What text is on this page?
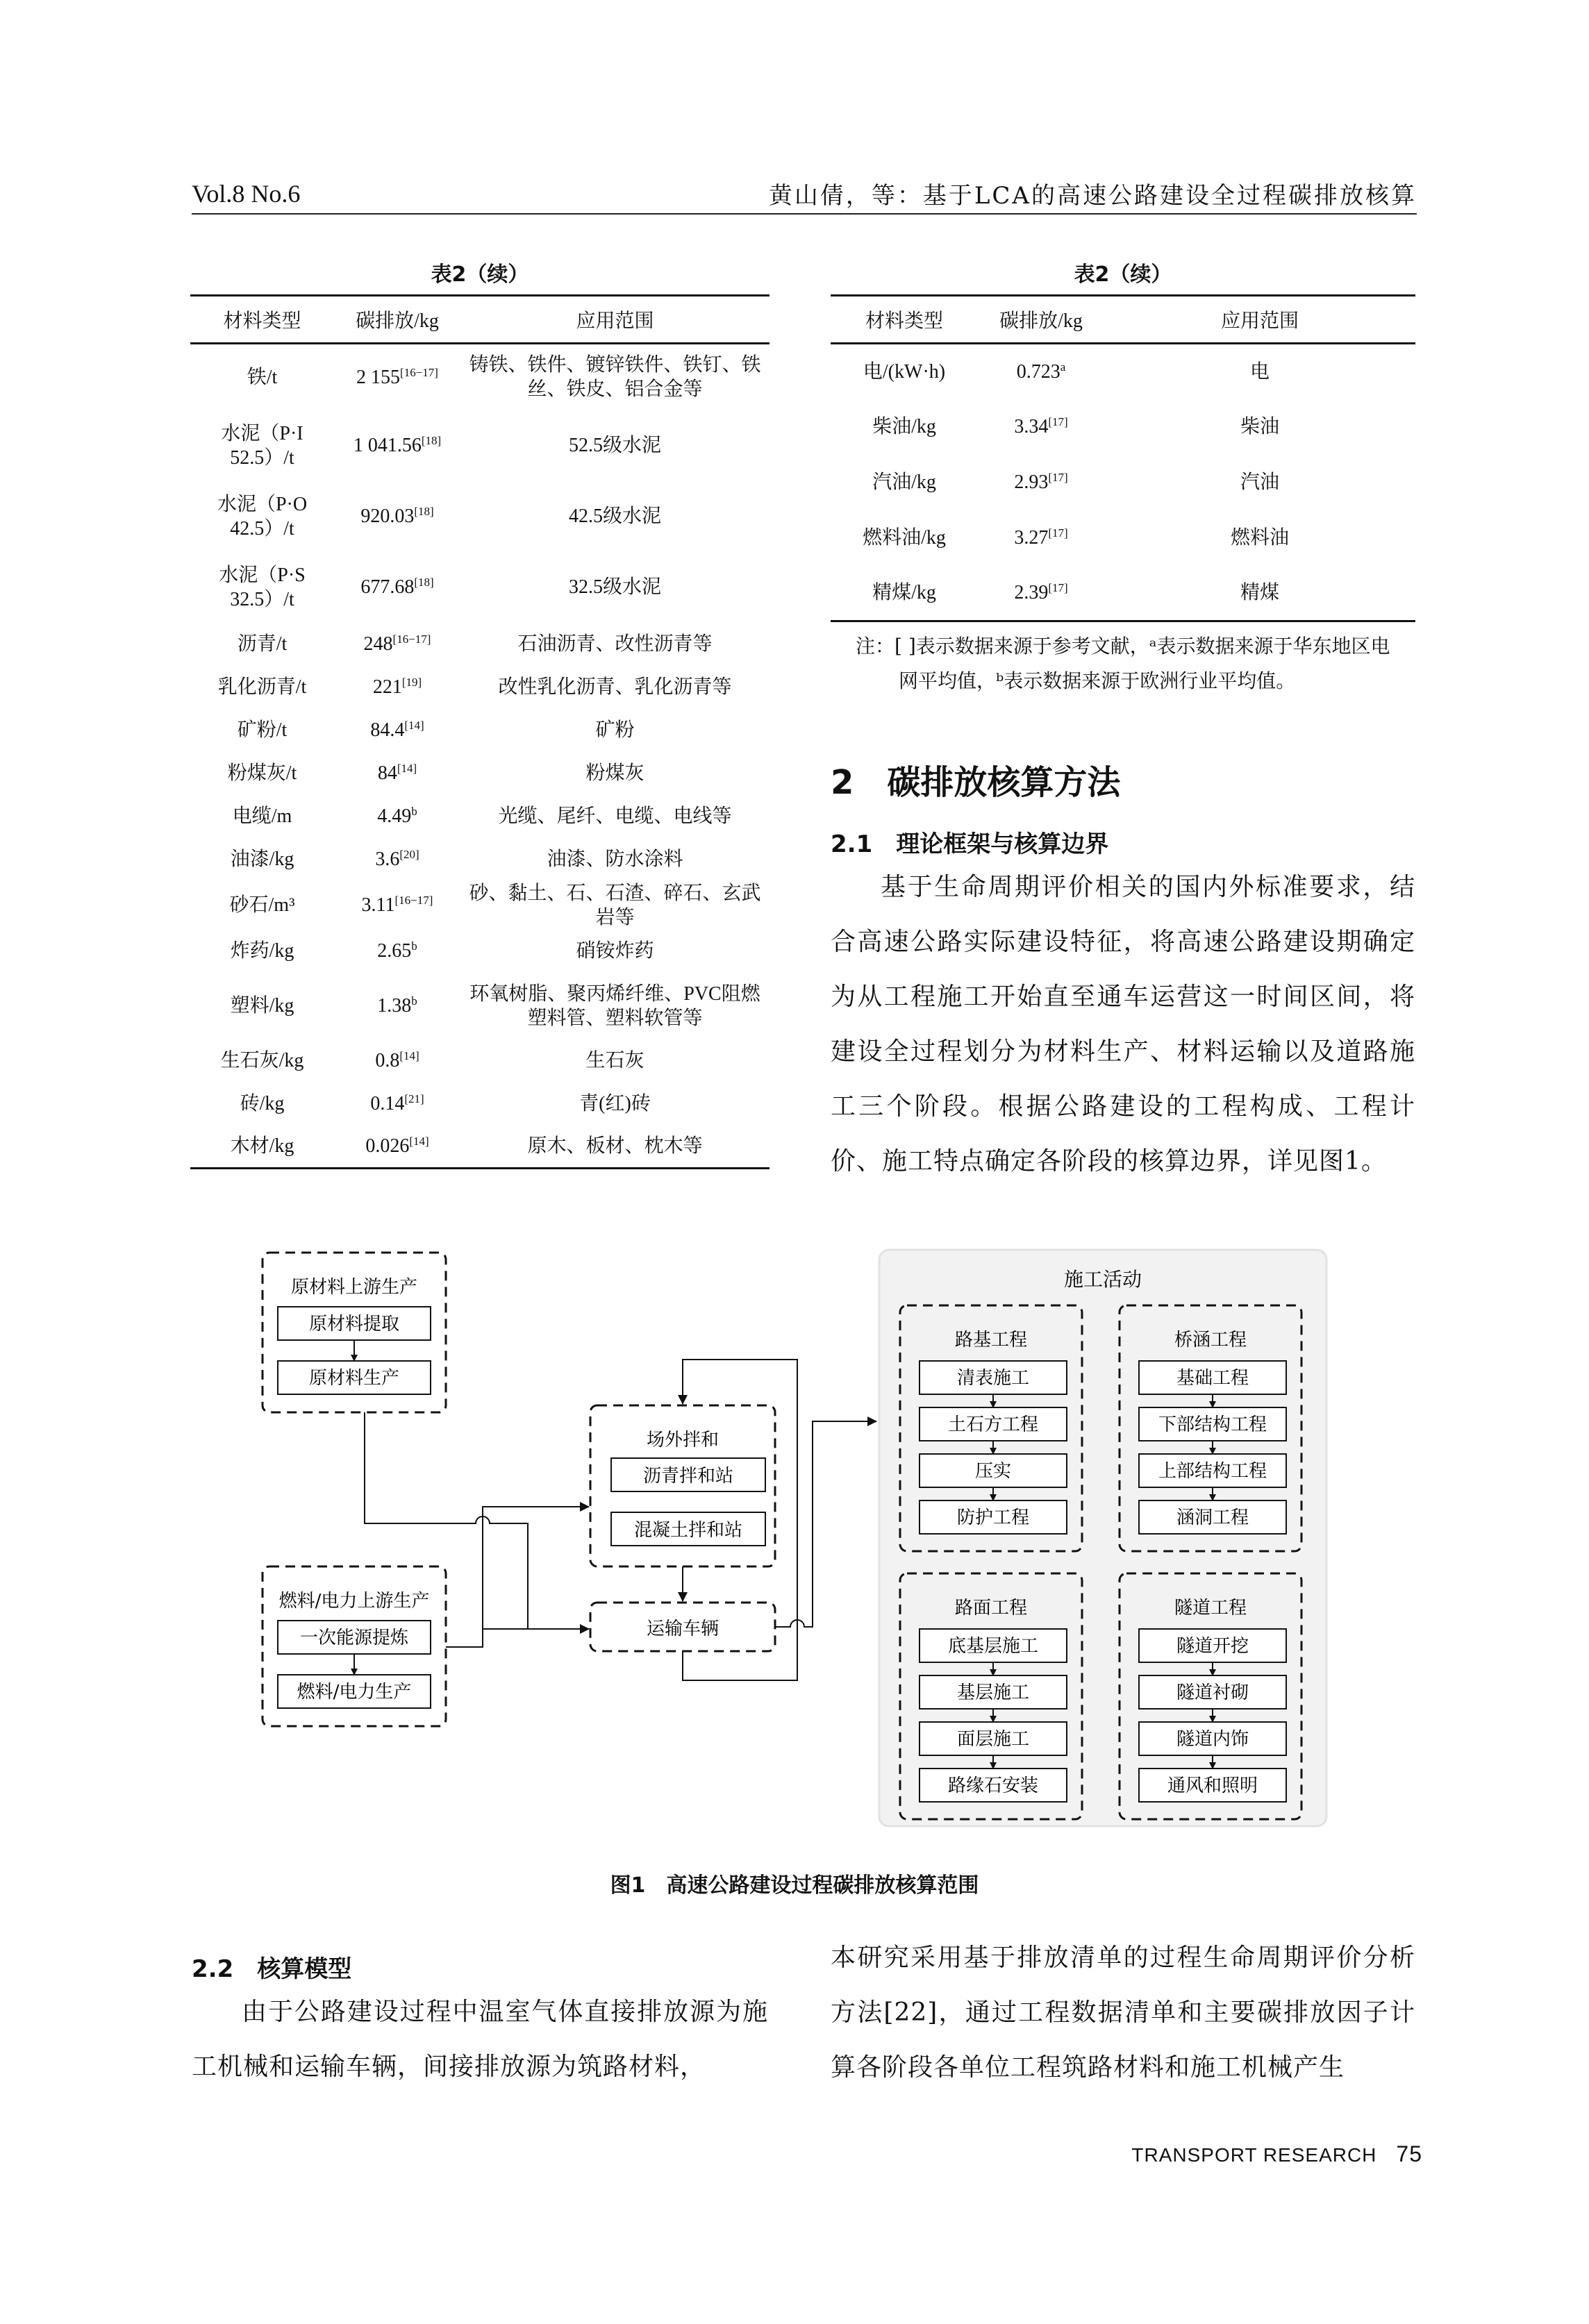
Vol.8 No.6	黄山倩，等：基于LCA的高速公路建设全过程碳排放核算
表2（续）
材料类型	碳排放/kg	应用范围
铁/t	2 155[16−17]	铸铁、铁件、镀锌铁件、铁钉、铁丝、铁皮、铝合金等
水泥（P·I 52.5）/t	1 041.56[18]	52.5级水泥
水泥（P·O 42.5）/t	920.03[18]	42.5级水泥
水泥（P·S 32.5）/t	677.68[18]	32.5级水泥
沥青/t	248[16−17]	石油沥青、改性沥青等
乳化沥青/t	221[19]	改性乳化沥青、乳化沥青等
矿粉/t	84.4[14]	矿粉
粉煤灰/t	84[14]	粉煤灰
电缆/m	4.49$^b$	光缆、尾纤、电缆、电线等
油漆/kg	3.6[20]	油漆、防水涂料
砂石/m³	3.11[16−17]	砂、黏土、石、石渣、碎石、玄武岩等
炸药/kg	2.65$^b$	硝铵炸药
塑料/kg	1.38$^b$	环氧树脂、聚丙烯纤维、PVC阻燃塑料管、塑料软管等
生石灰/kg	0.8[14]	生石灰
砖/kg	0.14[21]	青(红)砖
木材/kg	0.026[14]	原木、板材、枕木等
表2（续）
材料类型	碳排放/kg	应用范围
电/(kW·h)	0.723$^a$	电
柴油/kg	3.34[17]	柴油
汽油/kg	2.93[17]	汽油
燃料油/kg	3.27[17]	燃料油
精煤/kg	2.39[17]	精煤
注：[ ]表示数据来源于参考文献，ᵃ表示数据来源于华东地区电
网平均值，ᵇ表示数据来源于欧洲行业平均值。
2　碳排放核算方法
2.1　理论框架与核算边界
基于生命周期评价相关的国内外标准要求，结合高速公路实际建设特征，将高速公路建设期确定为从工程施工开始直至通车运营这一时间区间，将建设全过程划分为材料生产、材料运输以及道路施工三个阶段。根据公路建设的工程构成、工程计价、施工特点确定各阶段的核算边界，详见图1。
施工活动
路基工程
清表施工
土石方工程
压实
防护工程
桥涵工程
基础工程
下部结构工程
上部结构工程
涵洞工程
路面工程
底基层施工
基层施工
面层施工
路缘石安装
隧道工程
隧道开挖
隧道衬砌
隧道内饰
通风和照明
原材料上游生产
原材料提取
原材料生产
燃料/电力上游生产
一次能源提炼
燃料/电力生产
场外拌和
沥青拌和站
混凝土拌和站
运输车辆
图1　高速公路建设过程碳排放核算范围
2.2　核算模型
由于公路建设过程中温室气体直接排放源为施工机械和运输车辆，间接排放源为筑路材料，
本研究采用基于排放清单的过程生命周期评价分析方法[22]，通过工程数据清单和主要碳排放因子计算各阶段各单位工程筑路材料和施工机械产生
TRANSPORT RESEARCH 75
